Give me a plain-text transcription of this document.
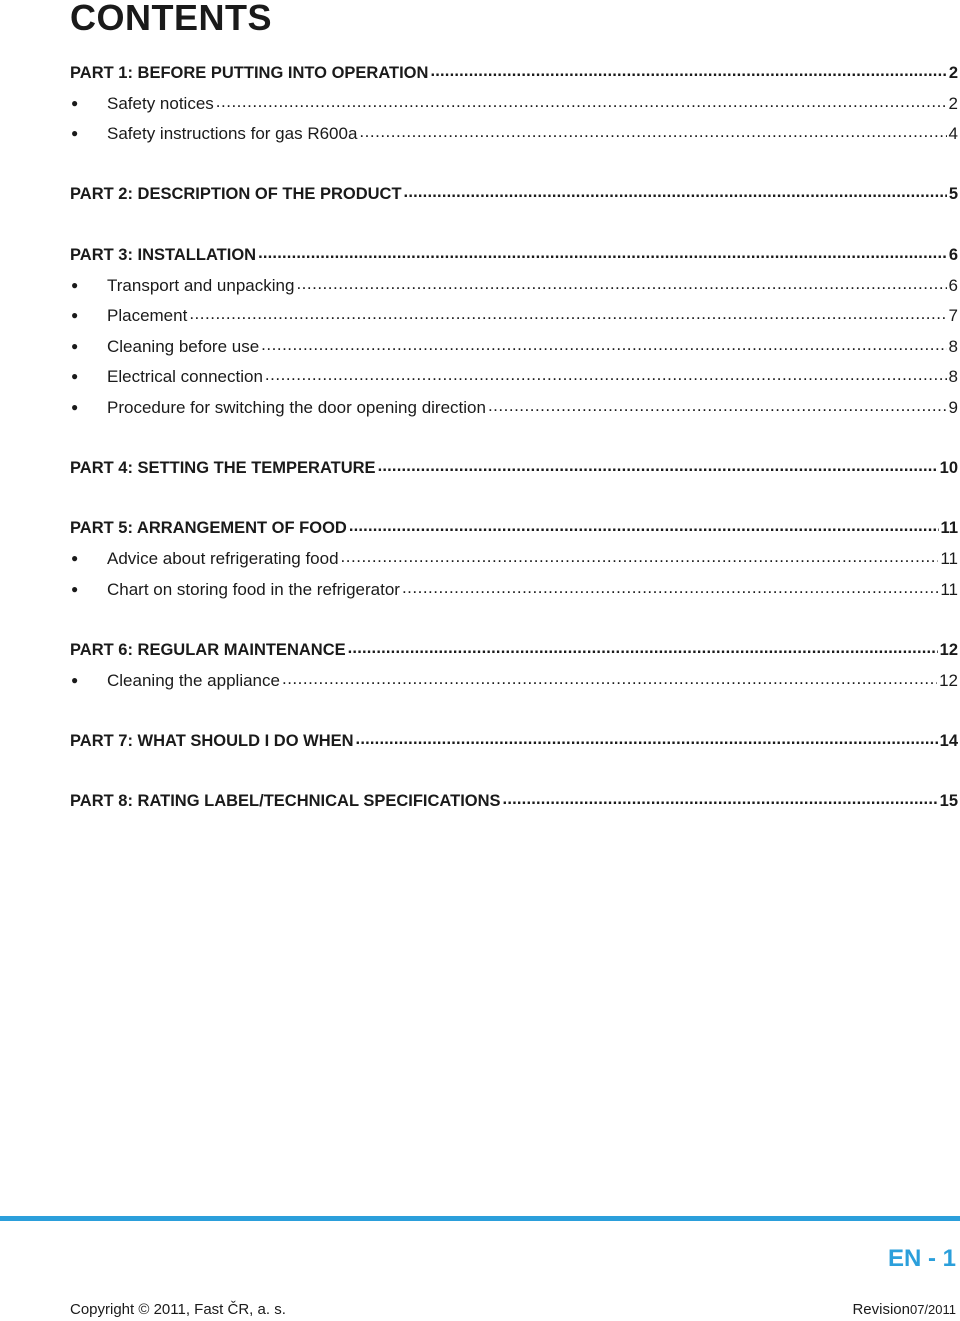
CONTENTS
PART 1: BEFORE PUTTING INTO OPERATION .....	2
●	Safety notices .....	2
●	Safety instructions for gas R600a .....	4
PART 2: DESCRIPTION OF THE PRODUCT .....	5
PART 3: INSTALLATION .....	6
●	Transport and unpacking .....	6
●	Placement .....	7
●	Cleaning before use .....	8
●	Electrical connection .....	8
●	Procedure for switching the door opening direction .....	9
PART 4: SETTING THE TEMPERATURE .....	10
PART 5: ARRANGEMENT OF FOOD .....	11
●	Advice about refrigerating food .....	11
●	Chart on storing food in the refrigerator .....	11
PART 6: REGULAR MAINTENANCE .....	12
●	Cleaning the appliance .....	12
PART 7: WHAT SHOULD I DO WHEN .....	14
PART 8: RATING LABEL/TECHNICAL SPECIFICATIONS .....	15
EN - 1
Copyright © 2011, Fast ČR, a. s.	Revision07/2011
